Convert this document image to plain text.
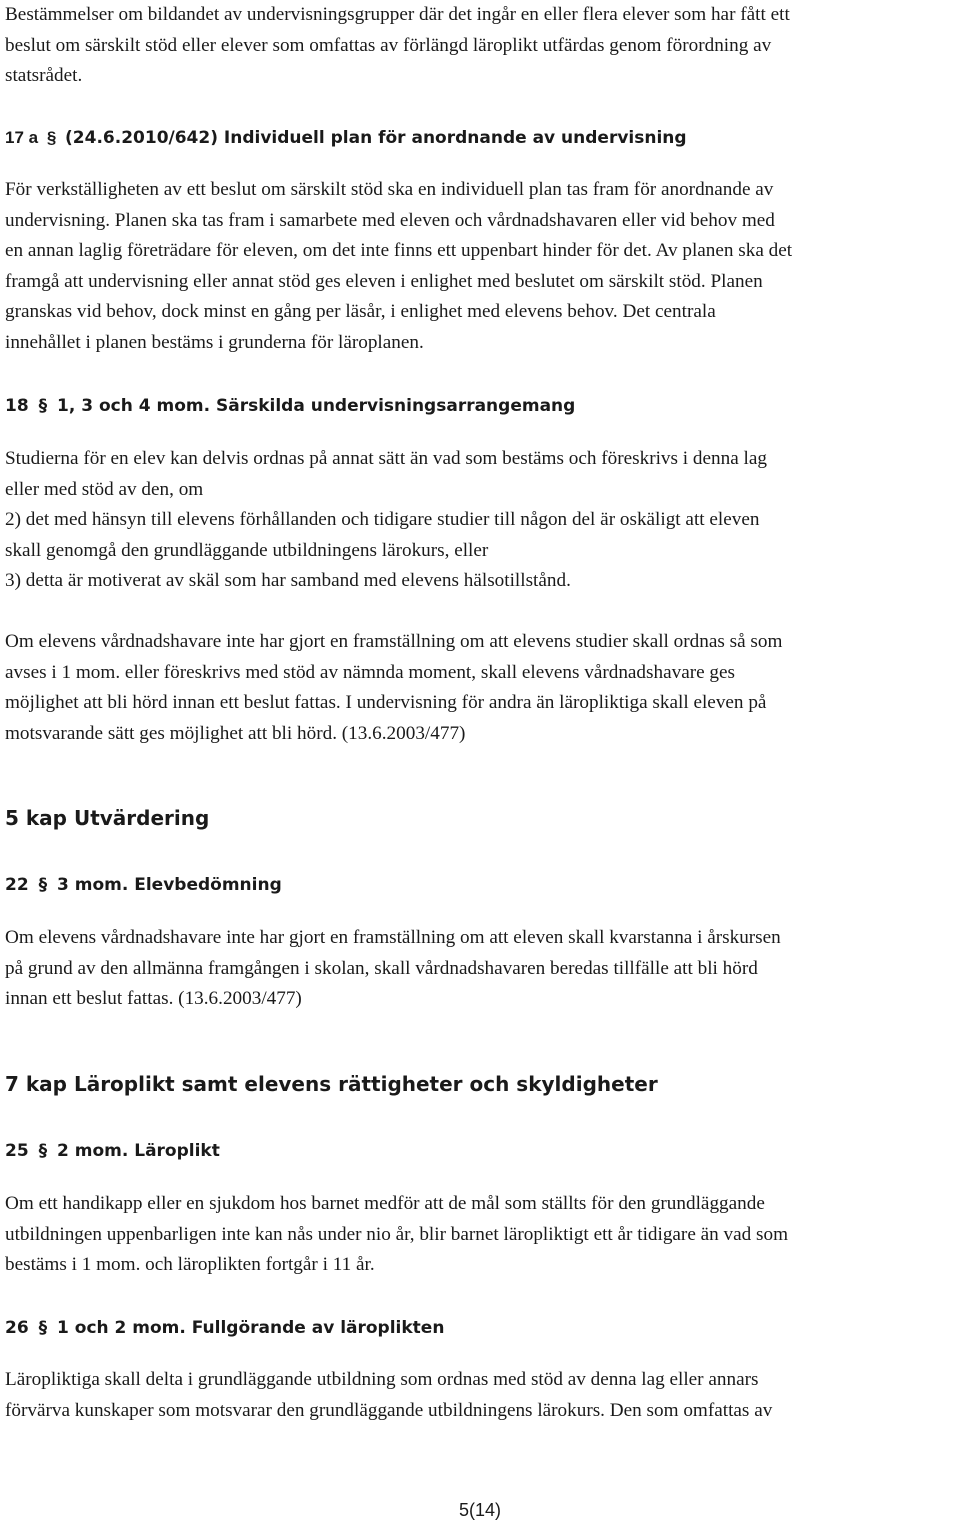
Bestämmelser om bildandet av undervisningsgrupper där det ingår en eller flera elever som har fått ett
beslut om särskilt stöd eller elever som omfattas av förlängd läroplikt utfärdas genom förordning av
statsrådet.

17 a § (24.6.2010/642) Individuell plan för anordnande av undervisning

För verkställigheten av ett beslut om särskilt stöd ska en individuell plan tas fram för anordnande av
undervisning. Planen ska tas fram i samarbete med eleven och vårdnadshavaren eller vid behov med
en annan laglig företrädare för eleven, om det inte finns ett uppenbart hinder för det. Av planen ska det
framgå att undervisning eller annat stöd ges eleven i enlighet med beslutet om särskilt stöd. Planen
granskas vid behov, dock minst en gång per läsår, i enlighet med elevens behov. Det centrala
innehållet i planen bestäms i grunderna för läroplanen.

18 § 1, 3 och 4 mom. Särskilda undervisningsarrangemang

Studierna för en elev kan delvis ordnas på annat sätt än vad som bestäms och föreskrivs i denna lag
eller med stöd av den, om
2) det med hänsyn till elevens förhållanden och tidigare studier till någon del är oskäligt att eleven
skall genomgå den grundläggande utbildningens lärokurs, eller
3) detta är motiverat av skäl som har samband med elevens hälsotillstånd.

Om elevens vårdnadshavare inte har gjort en framställning om att elevens studier skall ordnas så som
avses i 1 mom. eller föreskrivs med stöd av nämnda moment, skall elevens vårdnadshavare ges
möjlighet att bli hörd innan ett beslut fattas. I undervisning för andra än läropliktiga skall eleven på
motsvarande sätt ges möjlighet att bli hörd. (13.6.2003/477)

5 kap Utvärdering

22 § 3 mom. Elevbedömning

Om elevens vårdnadshavare inte har gjort en framställning om att eleven skall kvarstanna i årskursen
på grund av den allmänna framgången i skolan, skall vårdnadshavaren beredas tillfälle att bli hörd
innan ett beslut fattas. (13.6.2003/477)

7 kap Läroplikt samt elevens rättigheter och skyldigheter

25 § 2 mom. Läroplikt

Om ett handikapp eller en sjukdom hos barnet medför att de mål som ställts för den grundläggande
utbildningen uppenbarligen inte kan nås under nio år, blir barnet läropliktigt ett år tidigare än vad som
bestäms i 1 mom. och läroplikten fortgår i 11 år.

26 § 1 och 2 mom. Fullgörande av läroplikten

Läropliktiga skall delta i grundläggande utbildning som ordnas med stöd av denna lag eller annars
förvärva kunskaper som motsvarar den grundläggande utbildningens lärokurs. Den som omfattas av

5(14)
